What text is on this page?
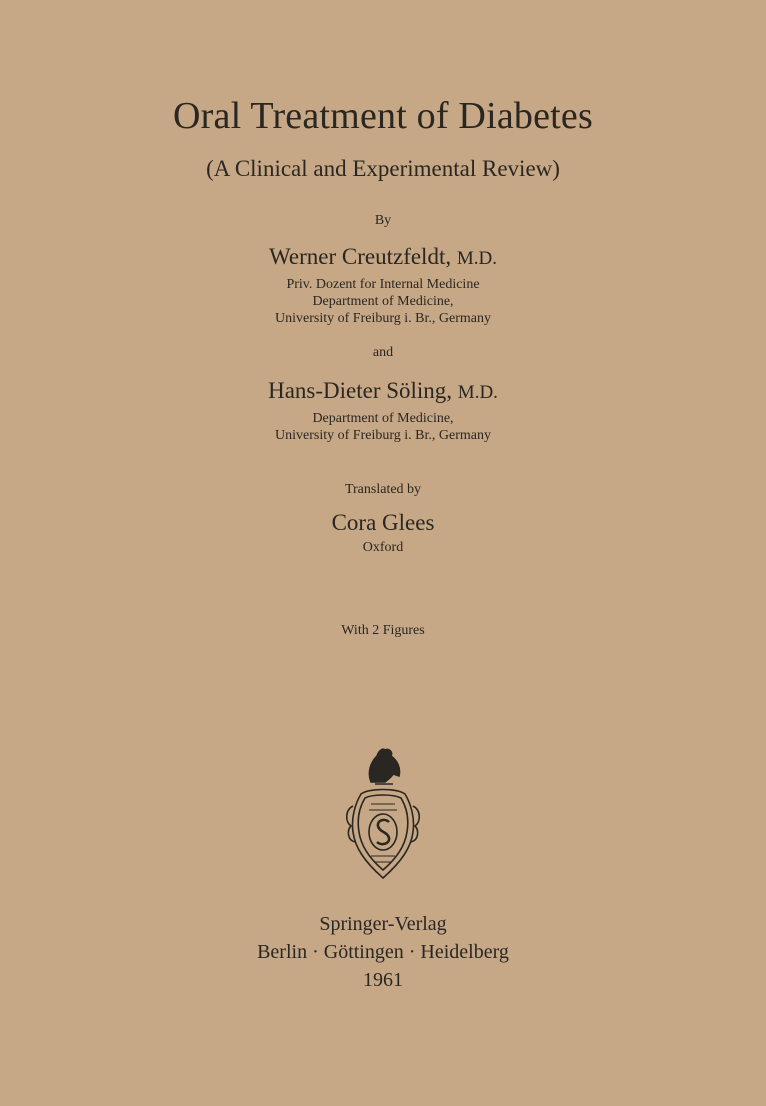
Oral Treatment of Diabetes
(A Clinical and Experimental Review)
By
Werner Creutzfeldt, M.D.
Priv. Dozent for Internal Medicine
Department of Medicine,
University of Freiburg i. Br., Germany
and
Hans-Dieter Söling, M.D.
Department of Medicine,
University of Freiburg i. Br., Germany
Translated by
Cora Glees
Oxford
With 2 Figures
Springer-Verlag
Berlin · Göttingen · Heidelberg
1961
